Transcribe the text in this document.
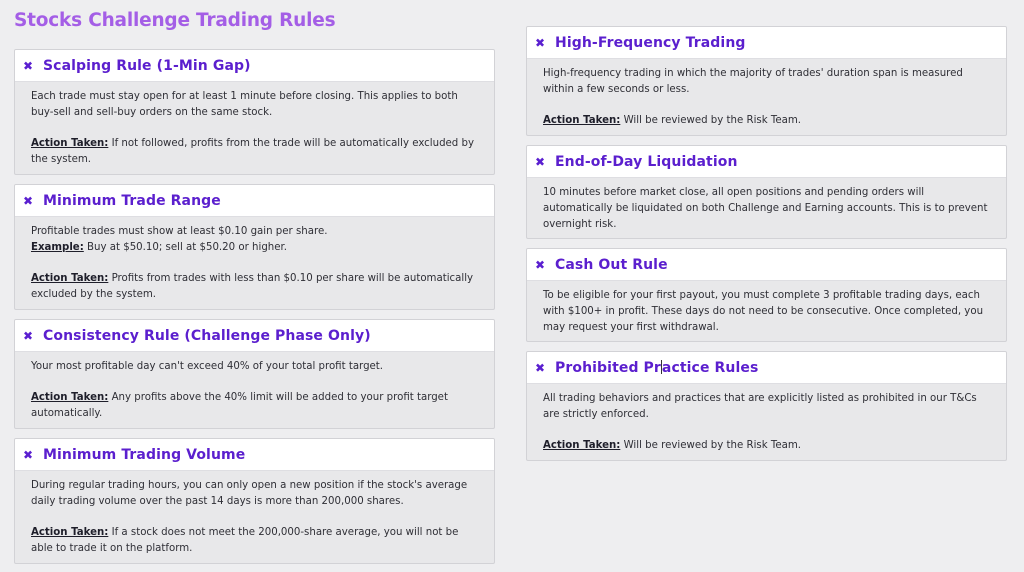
Stocks Challenge Trading Rules
✖ Scalping Rule (1-Min Gap)
Each trade must stay open for at least 1 minute before closing. This applies to both buy-sell and sell-buy orders on the same stock.
Action Taken: If not followed, profits from the trade will be automatically excluded by the system.
✖ Minimum Trade Range
Profitable trades must show at least $0.10 gain per share.
Example: Buy at $50.10; sell at $50.20 or higher.
Action Taken: Profits from trades with less than $0.10 per share will be automatically excluded by the system.
✖ Consistency Rule (Challenge Phase Only)
Your most profitable day can't exceed 40% of your total profit target.
Action Taken: Any profits above the 40% limit will be added to your profit target automatically.
✖ Minimum Trading Volume
During regular trading hours, you can only open a new position if the stock's average daily trading volume over the past 14 days is more than 200,000 shares.
Action Taken: If a stock does not meet the 200,000-share average, you will not be able to trade it on the platform.
✖ High-Frequency Trading
High-frequency trading in which the majority of trades' duration span is measured within a few seconds or less.
Action Taken: Will be reviewed by the Risk Team.
✖ End-of-Day Liquidation
10 minutes before market close, all open positions and pending orders will automatically be liquidated on both Challenge and Earning accounts. This is to prevent overnight risk.
✖ Cash Out Rule
To be eligible for your first payout, you must complete 3 profitable trading days, each with $100+ in profit. These days do not need to be consecutive. Once completed, you may request your first withdrawal.
✖ Prohibited Practice Rules
All trading behaviors and practices that are explicitly listed as prohibited in our T&Cs are strictly enforced.
Action Taken: Will be reviewed by the Risk Team.
